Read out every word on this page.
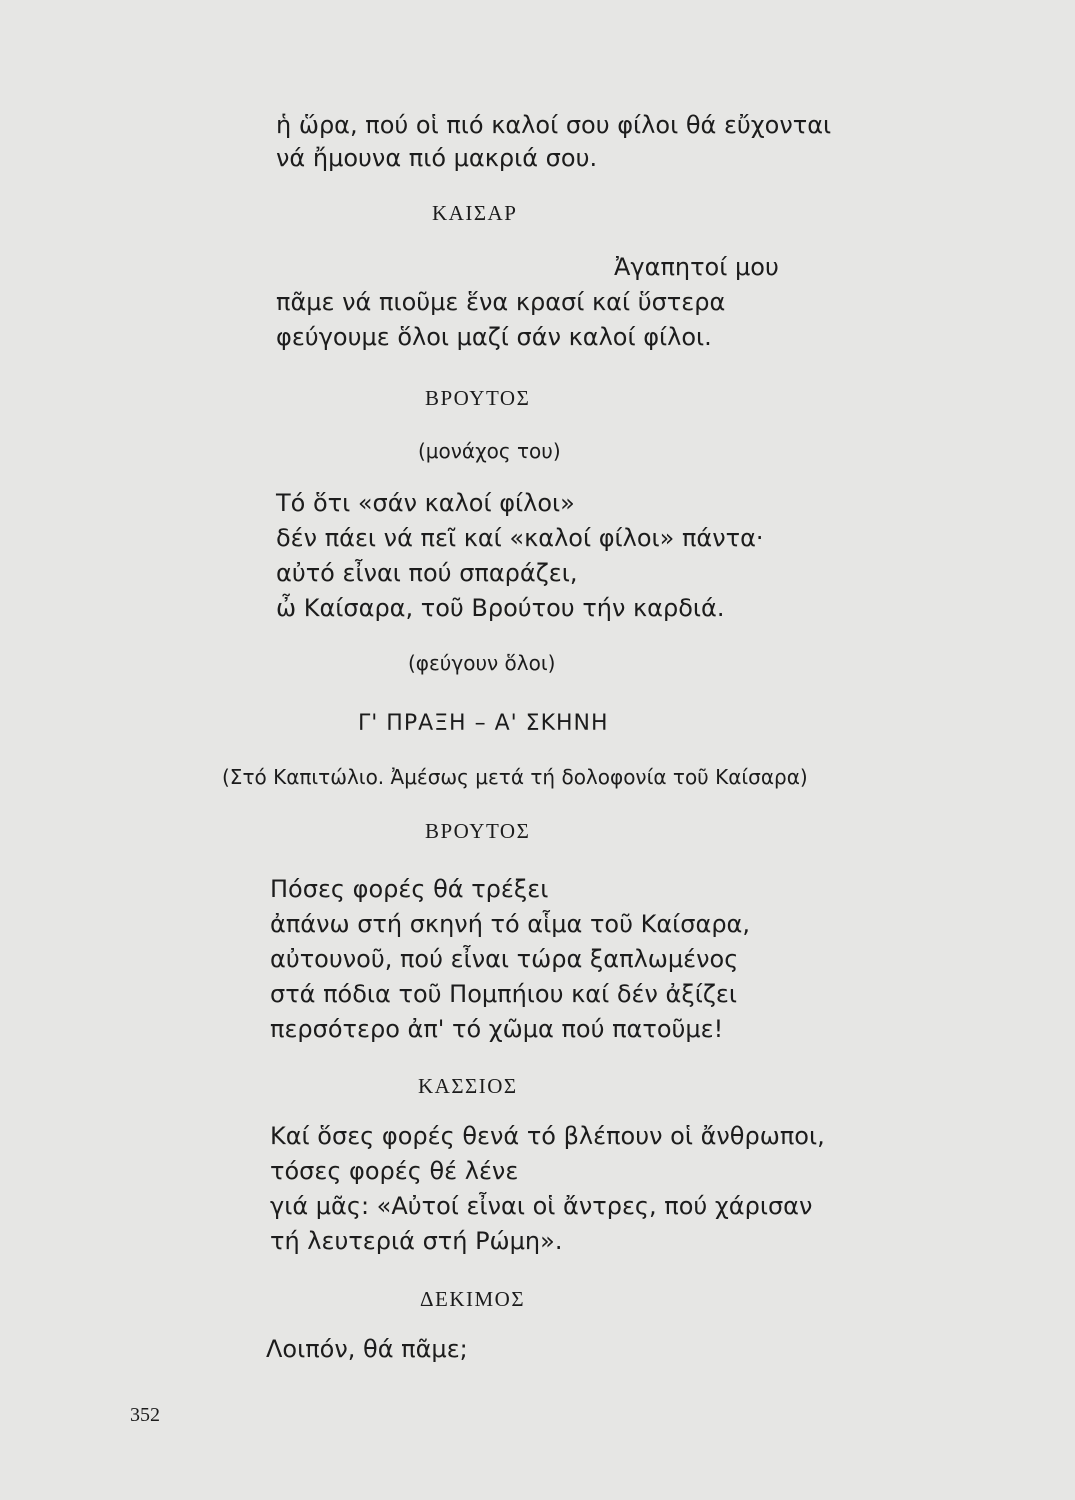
ἡ ὥρα, πού οἱ πιό καλοί σου φίλοι θά εὔχονται
νά ἤμουνα πιό μακριά σου.
ΚΑΙΣΑΡ
Ἀγαπητοί μου
πᾶμε νά πιοῦμε ἕνα κρασί καί ὕστερα
φεύγουμε ὅλοι μαζί σάν καλοί φίλοι.
ΒΡΟΥΤΟΣ
(μονάχος του)
Τό ὅτι «σάν καλοί φίλοι»
δέν πάει νά πεῖ καί «καλοί φίλοι» πάντα·
αὐτό εἶναι πού σπαράζει,
ὦ Καίσαρα, τοῦ Βρούτου τήν καρδιά.
(φεύγουν ὅλοι)
Γ' ΠΡΑΞΗ – Α' ΣΚΗΝΗ
(Στό Καπιτώλιο. Ἀμέσως μετά τή δολοφονία τοῦ Καίσαρα)
ΒΡΟΥΤΟΣ
Πόσες φορές θά τρέξει
ἀπάνω στή σκηνή τό αἷμα τοῦ Καίσαρα,
αὐτουνοῦ, πού εἶναι τώρα ξαπλωμένος
στά πόδια τοῦ Πομπήιου καί δέν ἀξίζει
περσότερο ἀπ' τό χῶμα πού πατοῦμε!
ΚΑΣΣΙΟΣ
Καί ὅσες φορές θενά τό βλέπουν οἱ ἄνθρωποι,
τόσες φορές θέ λένε
γιά μᾶς: «Αὐτοί εἶναι οἱ ἄντρες, πού χάρισαν
τή λευτεριά στή Ρώμη».
ΔΕΚΙΜΟΣ
Λοιπόν, θά πᾶμε;
352
